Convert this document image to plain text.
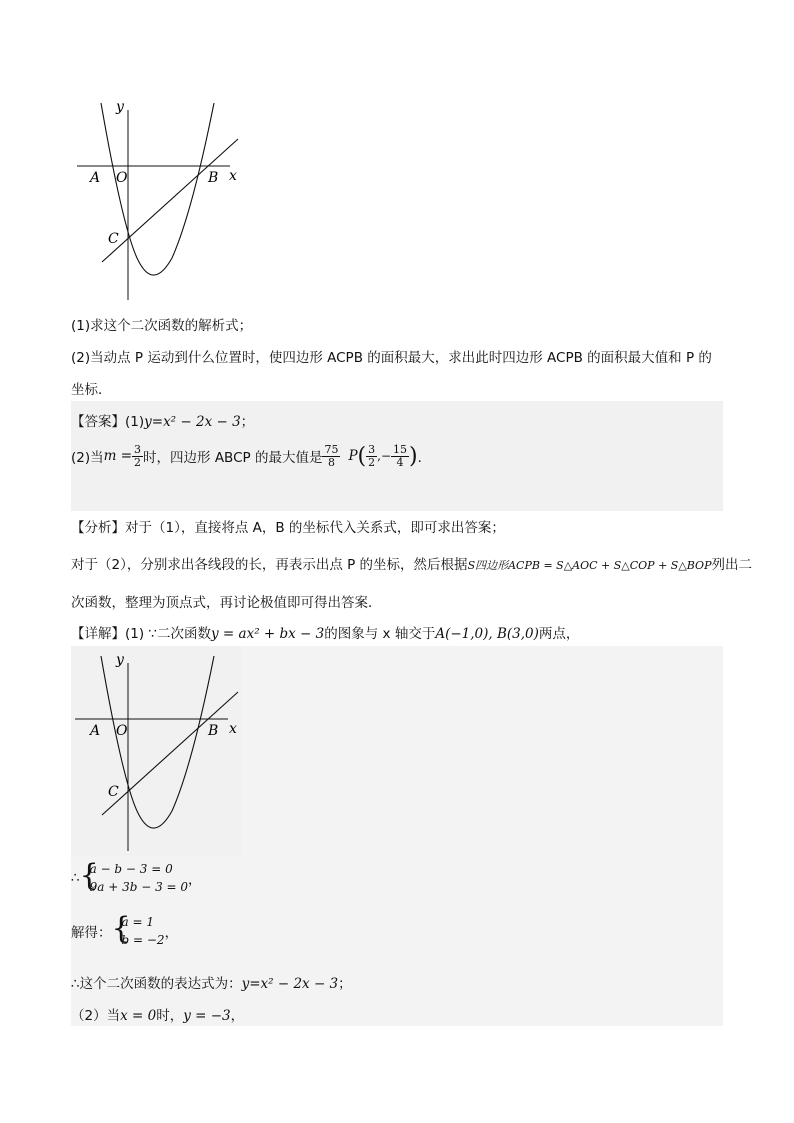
y
A O	B x
C
(1)求这个二次函数的解析式；
(2)当动点 P 运动到什么位置时，使四边形 ACPB 的面积最大，求出此时四边形 ACPB 的面积最大值和 P 的
坐标．
【答案】(1)y=x² − 2x − 3；
(2)当 $m = \frac{3}{2}$ 时，四边形 ABCP 的最大值是 $\frac{75}{8}$ P ( $\frac{3}{2}$ ,− $\frac{15}{4}$ ) ．
【分析】对于（1），直接将点 A，B 的坐标代入关系式，即可求出答案；
对于（2），分别求出各线段的长，再表示出点 P 的坐标，然后根据S四边形ACPB = S△AOC + S△COP + S△BOP列出二
次函数，整理为顶点式，再讨论极值即可得出答案．
【详解】(1) ∵二次函数y = ax² + bx − 3的图象与 x 轴交于A(−1,0), B(3,0)两点，
y
A O	B x
C
∴ {
a − b − 3 = 0
9a + 3b − 3 = 0 ，
解得： {
a = 1
b = −2 ，
∴这个二次函数的表达式为：y=x² − 2x − 3；
（2）当x = 0时，y = −3，
